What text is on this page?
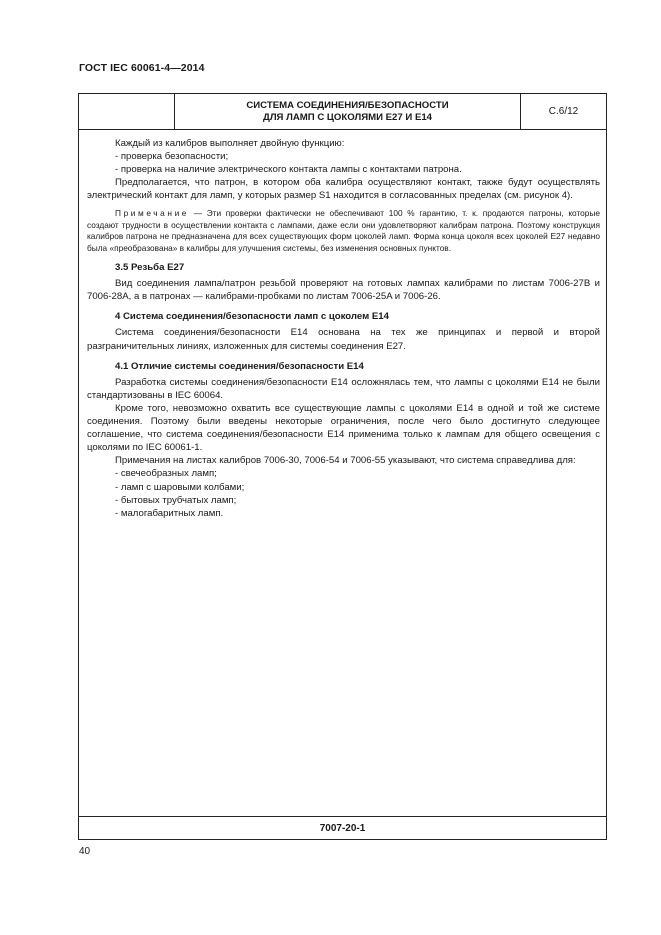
ГОСТ IEC 60061-4—2014
СИСТЕМА СОЕДИНЕНИЯ/БЕЗОПАСНОСТИ
ДЛЯ ЛАМП С ЦОКОЛЯМИ E27 И E14	C.6/12

Каждый из калибров выполняет двойную функцию:

- проверка безопасности;

- проверка на наличие электрического контакта лампы с контактами патрона.

Предполагается, что патрон, в котором оба калибра осуществляют контакт, также будут осуществлять электрический контакт для ламп, у которых размер S1 находится в согласованных пределах (см. рисунок 4).

Примечание — Эти проверки фактически не обеспечивают 100 % гарантию, т. к. продаются патроны, которые создают трудности в осуществлении контакта с лампами, даже если они удовлетворяют калибрам патрона. Поэтому конструкция калибров патрона не предназначена для всех существующих форм цоколей ламп. Форма конца цоколя всех цоколей E27 недавно была «преобразована» в калибры для улучшения системы, без изменения основных пунктов.

3.5 Резьба E27

Вид соединения лампа/патрон резьбой проверяют на готовых лампах калибрами по листам 7006-27B и 7006-28A, а в патронах — калибрами-пробками по листам 7006-25A и 7006-26.

4 Система соединения/безопасности ламп с цоколем E14

Система соединения/безопасности E14 основана на тех же принципах и первой и второй разграничительных линиях, изложенных для системы соединения E27.

4.1 Отличие системы соединения/безопасности E14

Разработка системы соединения/безопасности E14 осложнялась тем, что лампы с цоколями E14 не были стандартизованы в IEC 60064.

Кроме того, невозможно охватить все существующие лампы с цоколями E14 в одной и той же системе соединения. Поэтому были введены некоторые ограничения, после чего было достигнуто следующее соглашение, что система соединения/безопасности E14 применима только к лампам для общего освещения с цоколями по IEC 60061-1.

Примечания на листах калибров 7006-30, 7006-54 и 7006-55 указывают, что система справедлива для:

- свечеобразных ламп;

- ламп с шаровыми колбами;

- бытовых трубчатых ламп;

- малогабаритных ламп.

7007-20-1
40
